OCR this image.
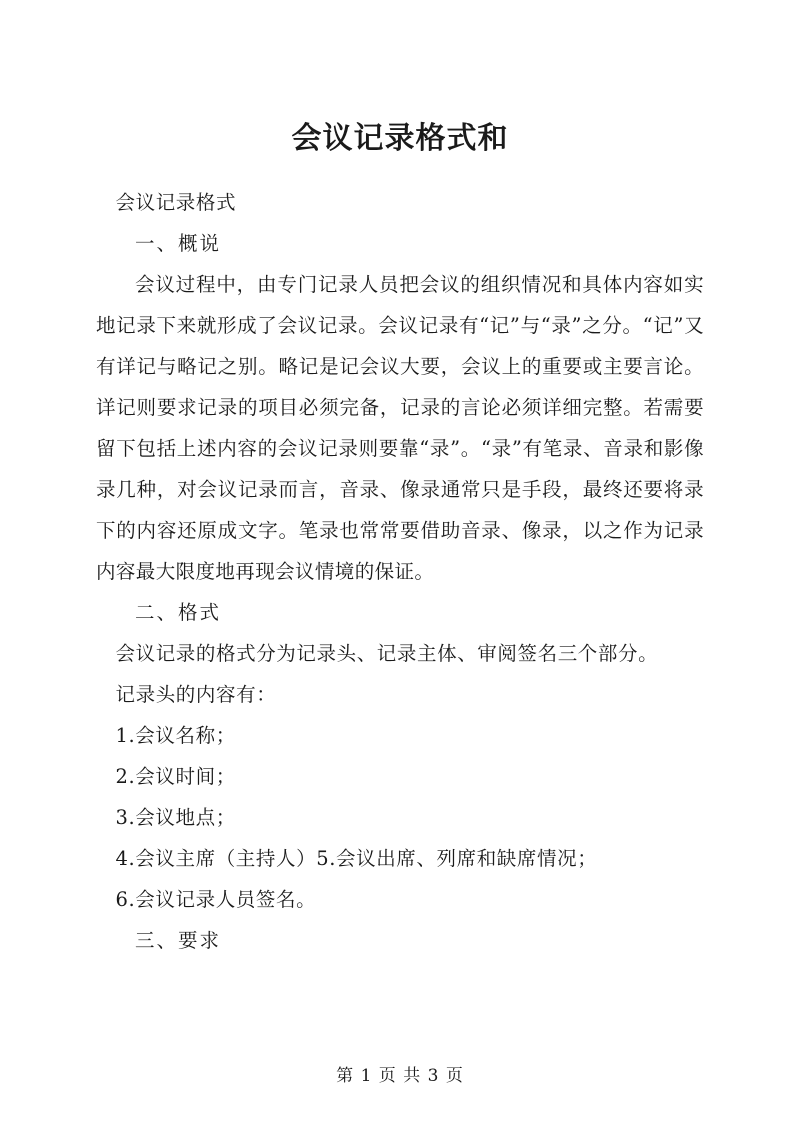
会议记录格式和

会议记录格式

一、概说

会议过程中，由专门记录人员把会议的组织情况和具体内容如实地记录下来就形成了会议记录。会议记录有“记”与“录”之分。“记”又有详记与略记之别。略记是记会议大要，会议上的重要或主要言论。详记则要求记录的项目必须完备，记录的言论必须详细完整。若需要留下包括上述内容的会议记录则要靠“录”。“录”有笔录、音录和影像录几种，对会议记录而言，音录、像录通常只是手段，最终还要将录下的内容还原成文字。笔录也常常要借助音录、像录，以之作为记录内容最大限度地再现会议情境的保证。

二、格式

会议记录的格式分为记录头、记录主体、审阅签名三个部分。

记录头的内容有：

1.会议名称；

2.会议时间；

3.会议地点；

4.会议主席（主持人）5.会议出席、列席和缺席情况；

6.会议记录人员签名。

三、要求

第 1 页 共 3 页
